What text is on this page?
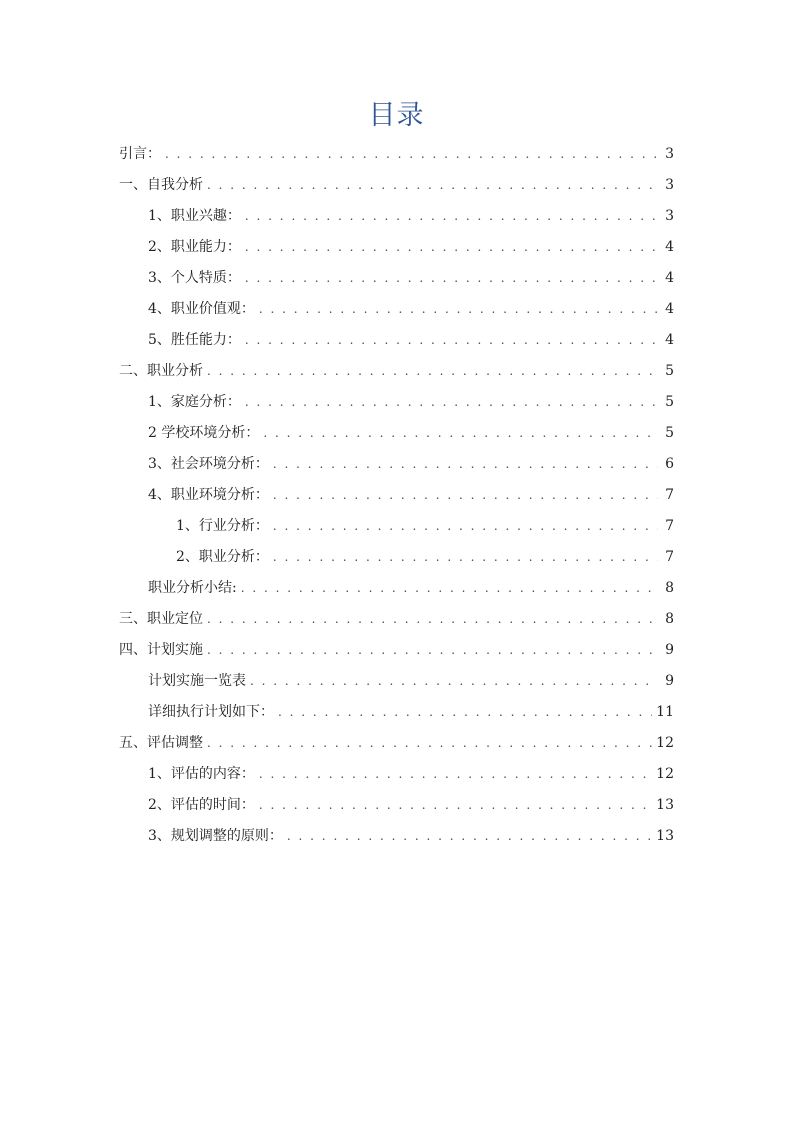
目录
引言： . . .	3
一、自我分析 . . .	3
1、职业兴趣： . . .	3
2、职业能力： . . .	4
3、个人特质： . . .	4
4、职业价值观： . . .	4
5、胜任能力： . . .	4
二、职业分析 . . .	5
1、家庭分析： . . .	5
2 学校环境分析： . . .	5
3、社会环境分析： . . .	6
4、职业环境分析： . . .	7
1、行业分析： . . .	7
2、职业分析： . . .	7
职业分析小结: . . .	8
三、职业定位 . . .	8
四、计划实施 . . .	9
计划实施一览表 . . .	9
详细执行计划如下： . . .	11
五、评估调整 . . .	12
1、评估的内容： . . .	12
2、评估的时间： . . .	13
3、规划调整的原则： . . .	13
